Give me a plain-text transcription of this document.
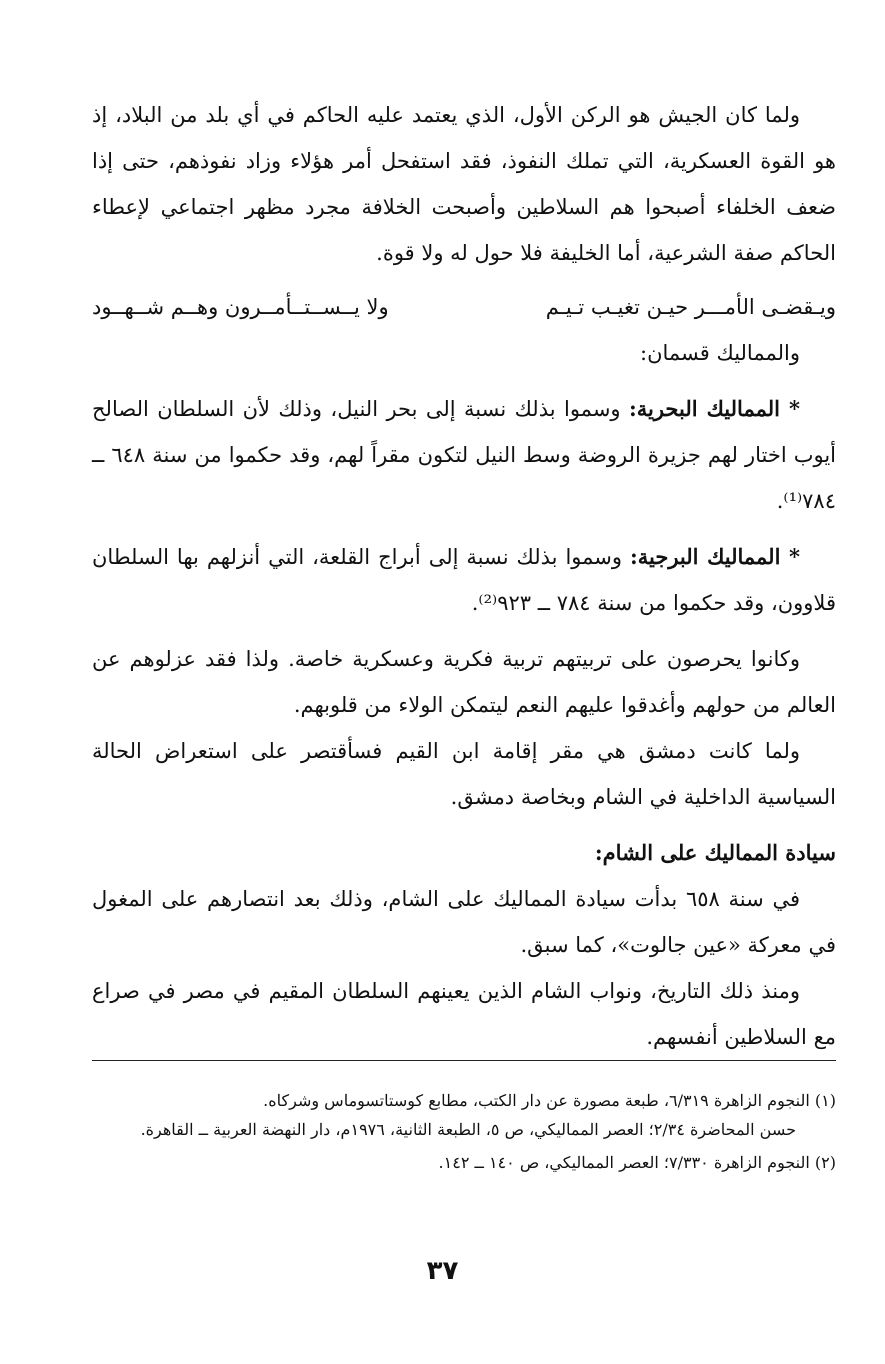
ولما كان الجيش هو الركن الأول، الذي يعتمد عليه الحاكم في أي بلد من البلاد، إذ هو القوة العسكرية، التي تملك النفوذ، فقد استفحل أمر هؤلاء وزاد نفوذهم، حتى إذا ضعف الخلفاء أصبحوا هم السلاطين وأصبحت الخلافة مجرد مظهر اجتماعي لإعطاء الحاكم صفة الشرعية، أما الخليفة فلا حول له ولا قوة.

ويـقضـى الأمـــر حيـن تغيـب تـيـم
ولا يــســتــأمــرون وهــم شــهــود

والمماليك قسمان:

* المماليك البحرية: وسموا بذلك نسبة إلى بحر النيل، وذلك لأن السلطان الصالح أيوب اختار لهم جزيرة الروضة وسط النيل لتكون مقراً لهم، وقد حكموا من سنة ٦٤٨ ــ ٧٨٤⁽¹⁾.

* المماليك البرجية: وسموا بذلك نسبة إلى أبراج القلعة، التي أنزلهم بها السلطان قلاوون، وقد حكموا من سنة ٧٨٤ ــ ٩٢٣⁽²⁾.

وكانوا يحرصون على تربيتهم تربية فكرية وعسكرية خاصة. ولذا فقد عزلوهم عن العالم من حولهم وأغدقوا عليهم النعم ليتمكن الولاء من قلوبهم.

ولما كانت دمشق هي مقر إقامة ابن القيم فسأقتصر على استعراض الحالة السياسية الداخلية في الشام وبخاصة دمشق.

سيادة المماليك على الشام:

في سنة ٦٥٨ بدأت سيادة المماليك على الشام، وذلك بعد انتصارهم على المغول في معركة «عين جالوت»، كما سبق.

ومنذ ذلك التاريخ، ونواب الشام الذين يعينهم السلطان المقيم في مصر في صراع مع السلاطين أنفسهم.

(١) النجوم الزاهرة ٦/٣١٩، طبعة مصورة عن دار الكتب، مطابع كوستاتسوماس وشركاه.

حسن المحاضرة ٢/٣٤؛ العصر المماليكي، ص ٥، الطبعة الثانية، ١٩٧٦م، دار النهضة العربية ــ القاهرة.

(٢) النجوم الزاهرة ٧/٣٣٠؛ العصر المماليكي، ص ١٤٠ ــ ١٤٢.

٣٧
